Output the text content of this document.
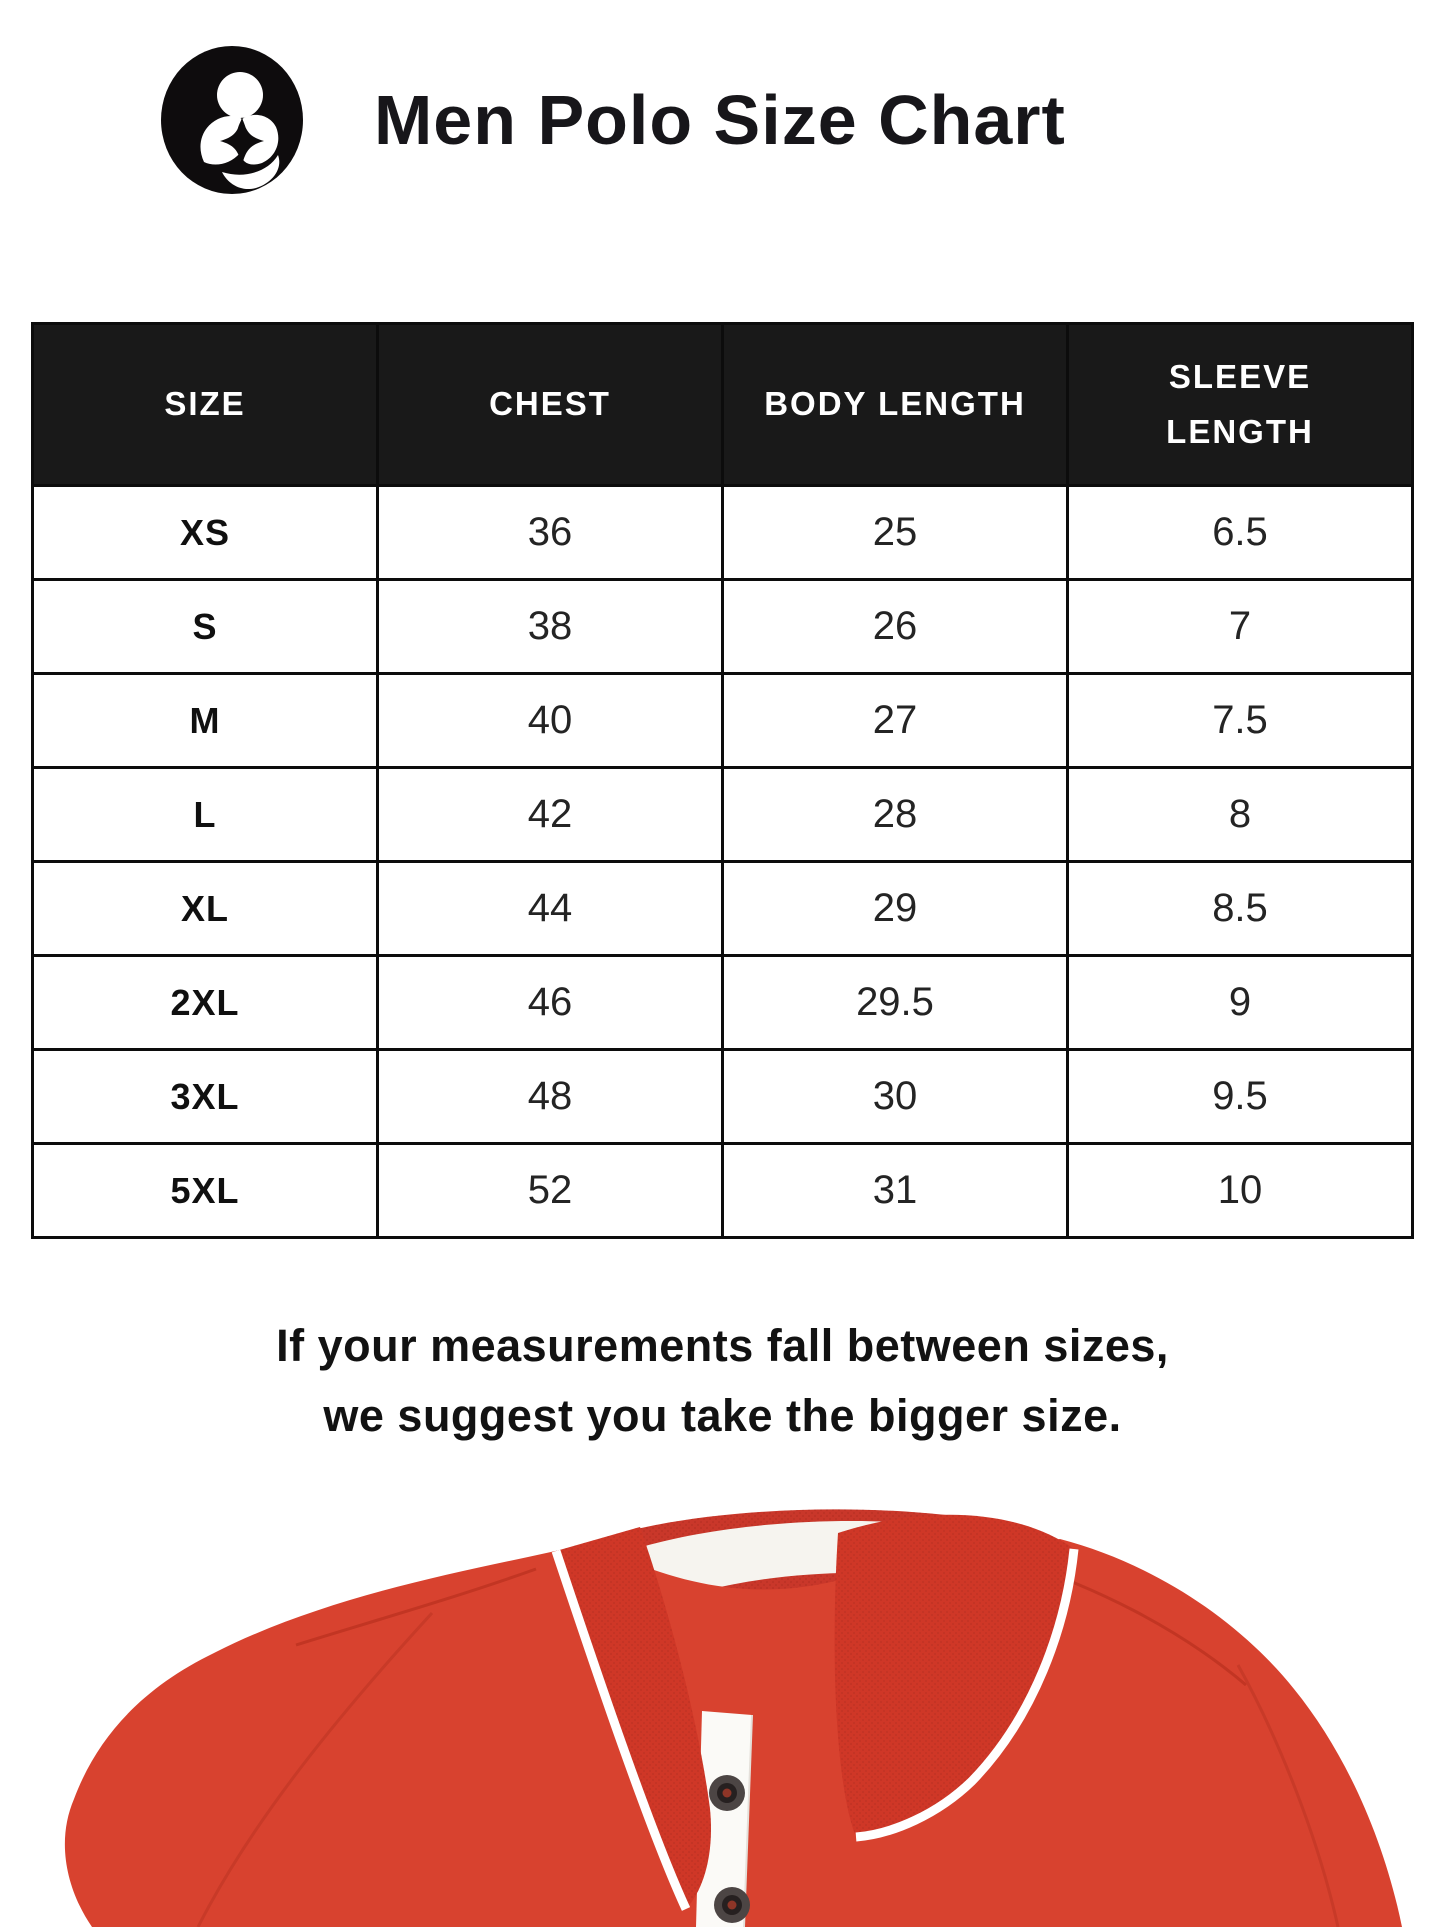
Men Polo Size Chart
SIZE	CHEST	BODY LENGTH	SLEEVE LENGTH
XS	36	25	6.5
S	38	26	7
M	40	27	7.5
L	42	28	8
XL	44	29	8.5
2XL	46	29.5	9
3XL	48	30	9.5
5XL	52	31	10
If your measurements fall between sizes,
we suggest you take the bigger size.
